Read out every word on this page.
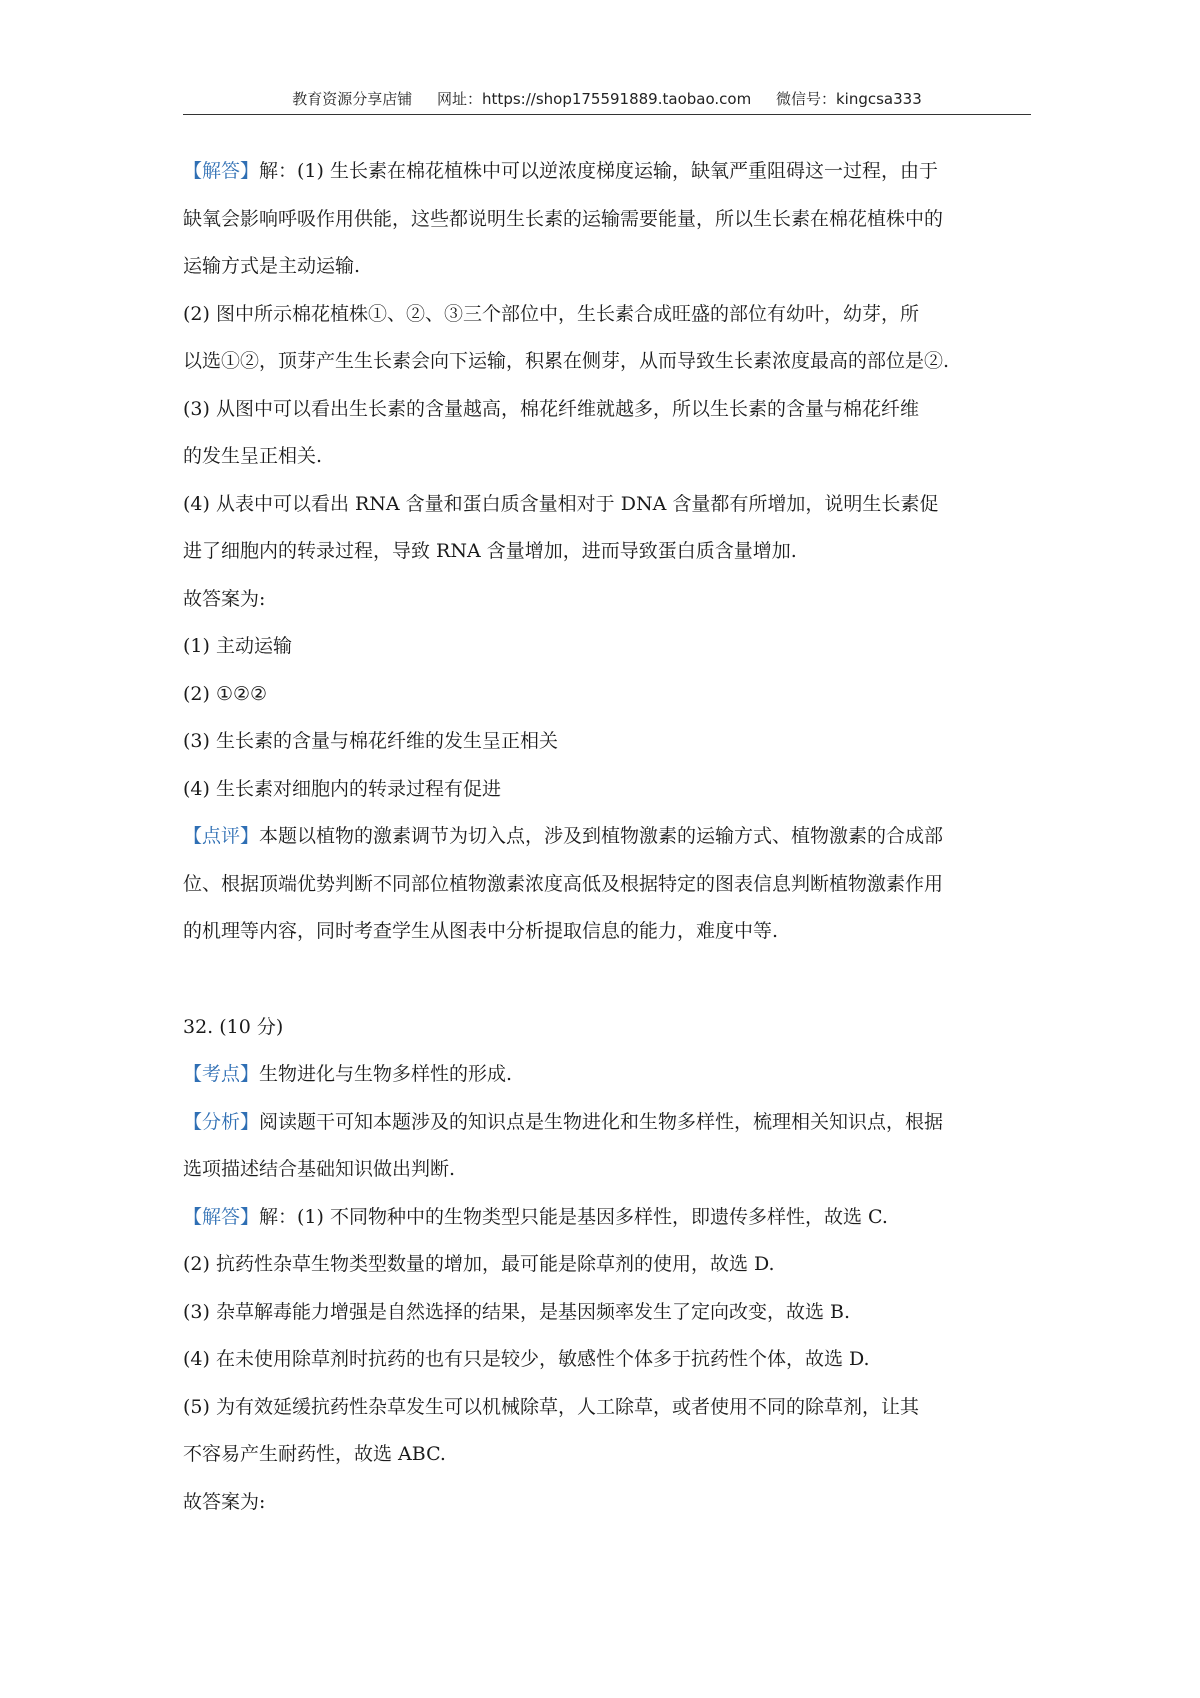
教育资源分享店铺 网址：https://shop175591889.taobao.com 微信号：kingcsa333
【解答】解：(1) 生长素在棉花植株中可以逆浓度梯度运输，缺氧严重阻碍这一过程，由于
缺氧会影响呼吸作用供能，这些都说明生长素的运输需要能量，所以生长素在棉花植株中的
运输方式是主动运输.
(2) 图中所示棉花植株①、②、③三个部位中，生长素合成旺盛的部位有幼叶，幼芽，所
以选①②，顶芽产生生长素会向下运输，积累在侧芽，从而导致生长素浓度最高的部位是②.
(3) 从图中可以看出生长素的含量越高，棉花纤维就越多，所以生长素的含量与棉花纤维
的发生呈正相关.
(4) 从表中可以看出 RNA 含量和蛋白质含量相对于 DNA 含量都有所增加，说明生长素促
进了细胞内的转录过程，导致 RNA 含量增加，进而导致蛋白质含量增加.
故答案为:
(1) 主动运输
(2) ①②②
(3) 生长素的含量与棉花纤维的发生呈正相关
(4) 生长素对细胞内的转录过程有促进
【点评】本题以植物的激素调节为切入点，涉及到植物激素的运输方式、植物激素的合成部
位、根据顶端优势判断不同部位植物激素浓度高低及根据特定的图表信息判断植物激素作用
的机理等内容，同时考查学生从图表中分析提取信息的能力，难度中等.
32. (10 分)
【考点】生物进化与生物多样性的形成.
【分析】阅读题干可知本题涉及的知识点是生物进化和生物多样性，梳理相关知识点，根据
选项描述结合基础知识做出判断.
【解答】解：(1) 不同物种中的生物类型只能是基因多样性，即遗传多样性，故选 C.
(2) 抗药性杂草生物类型数量的增加，最可能是除草剂的使用，故选 D.
(3) 杂草解毒能力增强是自然选择的结果，是基因频率发生了定向改变，故选 B.
(4) 在未使用除草剂时抗药的也有只是较少，敏感性个体多于抗药性个体，故选 D.
(5) 为有效延缓抗药性杂草发生可以机械除草，人工除草，或者使用不同的除草剂，让其
不容易产生耐药性，故选 ABC.
故答案为:
